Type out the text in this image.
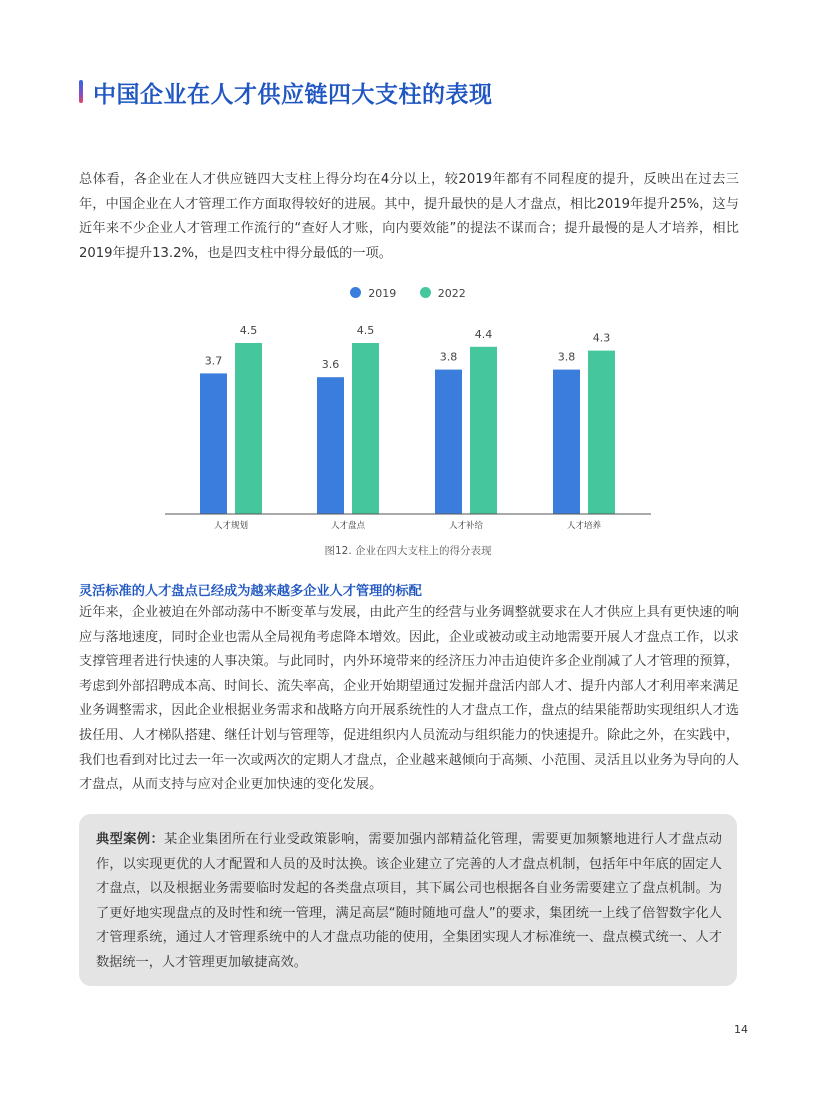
中国企业在人才供应链四大支柱的表现
总体看，各企业在人才供应链四大支柱上得分均在4分以上，较2019年都有不同程度的提升，反映出在过去三年，中国企业在人才管理工作方面取得较好的进展。其中，提升最快的是人才盘点，相比2019年提升25%，这与近年来不少企业人才管理工作流行的“查好人才账，向内要效能”的提法不谋而合；提升最慢的是人才培养，相比2019年提升13.2%，也是四支柱中得分最低的一项。
2019	2022
3.7
4.5
人才规划
3.6
4.5
人才盘点
3.8
4.4
人才补给
3.8
4.3
人才培养
图12. 企业在四大支柱上的得分表现
灵活标准的人才盘点已经成为越来越多企业人才管理的标配
近年来，企业被迫在外部动荡中不断变革与发展，由此产生的经营与业务调整就要求在人才供应上具有更快速的响应与落地速度，同时企业也需从全局视角考虑降本增效。因此，企业或被动或主动地需要开展人才盘点工作，以求支撑管理者进行快速的人事决策。与此同时，内外环境带来的经济压力冲击迫使许多企业削减了人才管理的预算，考虑到外部招聘成本高、时间长、流失率高，企业开始期望通过发掘并盘活内部人才、提升内部人才利用率来满足业务调整需求，因此企业根据业务需求和战略方向开展系统性的人才盘点工作，盘点的结果能帮助实现组织人才选拔任用、人才梯队搭建、继任计划与管理等，促进组织内人员流动与组织能力的快速提升。除此之外，在实践中，我们也看到对比过去一年一次或两次的定期人才盘点，企业越来越倾向于高频、小范围、灵活且以业务为导向的人才盘点，从而支持与应对企业更加快速的变化发展。
典型案例：某企业集团所在行业受政策影响，需要加强内部精益化管理，需要更加频繁地进行人才盘点动作，以实现更优的人才配置和人员的及时汰换。该企业建立了完善的人才盘点机制，包括年中年底的固定人才盘点，以及根据业务需要临时发起的各类盘点项目，其下属公司也根据各自业务需要建立了盘点机制。为了更好地实现盘点的及时性和统一管理，满足高层“随时随地可盘人”的要求，集团统一上线了倍智数字化人才管理系统，通过人才管理系统中的人才盘点功能的使用，全集团实现人才标准统一、盘点模式统一、人才数据统一，人才管理更加敏捷高效。
14
